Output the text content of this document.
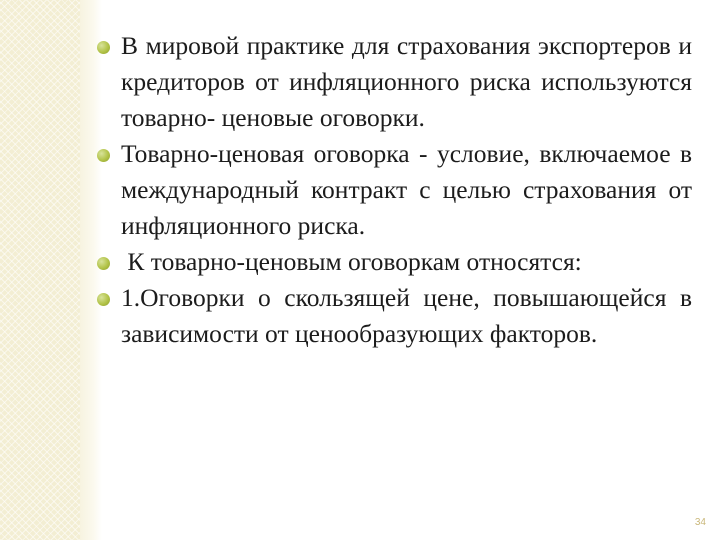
В мировой практике для страхования экспортеров и кредиторов от инфляционного риска используются товарно- ценовые оговорки.
Товарно-ценовая оговорка - условие, включаемое в международный контракт с целью страхования от инфляционного риска.
К товарно-ценовым оговоркам относятся:
1.Оговорки о скользящей цене, повышающейся в зависимости от ценообразующих факторов.
34
